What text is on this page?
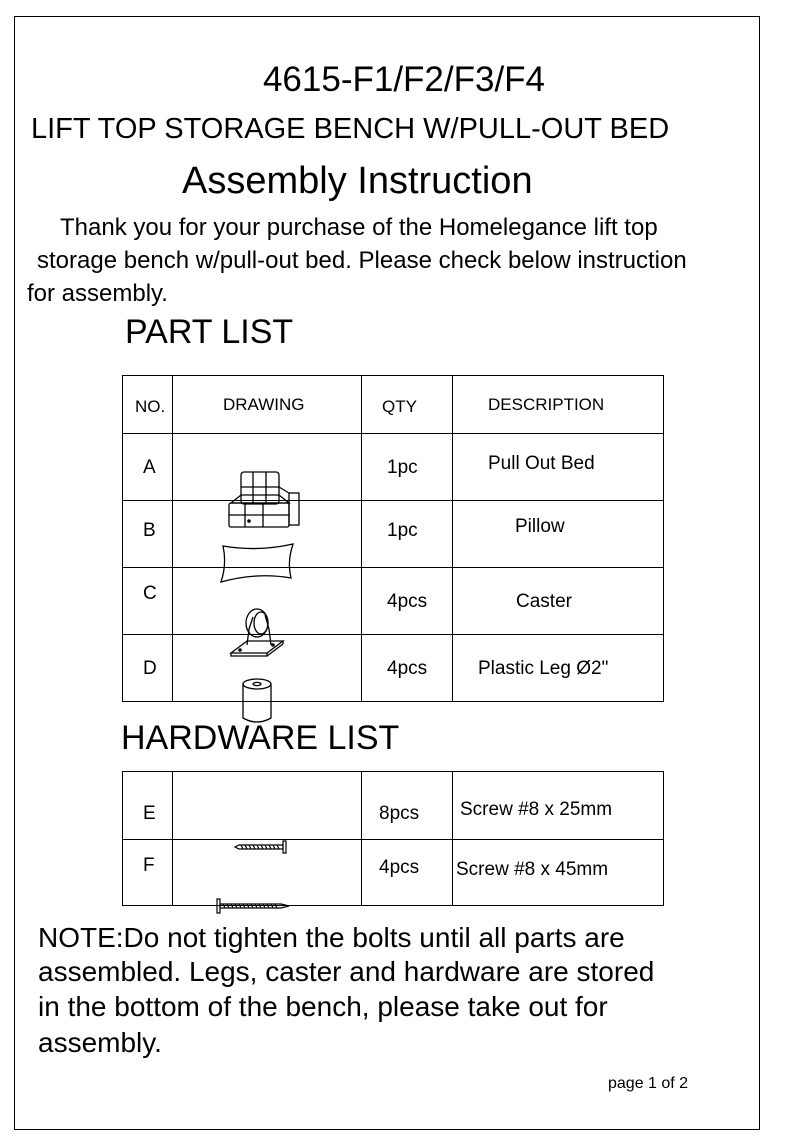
4615-F1/F2/F3/F4
LIFT TOP STORAGE BENCH W/PULL-OUT BED
Assembly Instruction
Thank you for your purchase of the Homelegance lift top
storage bench w/pull-out bed. Please check below instruction
for assembly.
PART LIST
NO.	DRAWING	QTY	DESCRIPTION

A		1pc	Pull Out Bed

B		1pc	Pillow

C		4pcs	Caster

D		4pcs	Plastic Leg Ø2"
HARDWARE LIST
E		8pcs	Screw #8 x 25mm

F		4pcs	Screw #8 x 45mm
NOTE:Do not tighten the bolts until all parts are
assembled. Legs, caster and hardware are stored
in the bottom of the bench, please take out for
assembly.
page 1 of 2
